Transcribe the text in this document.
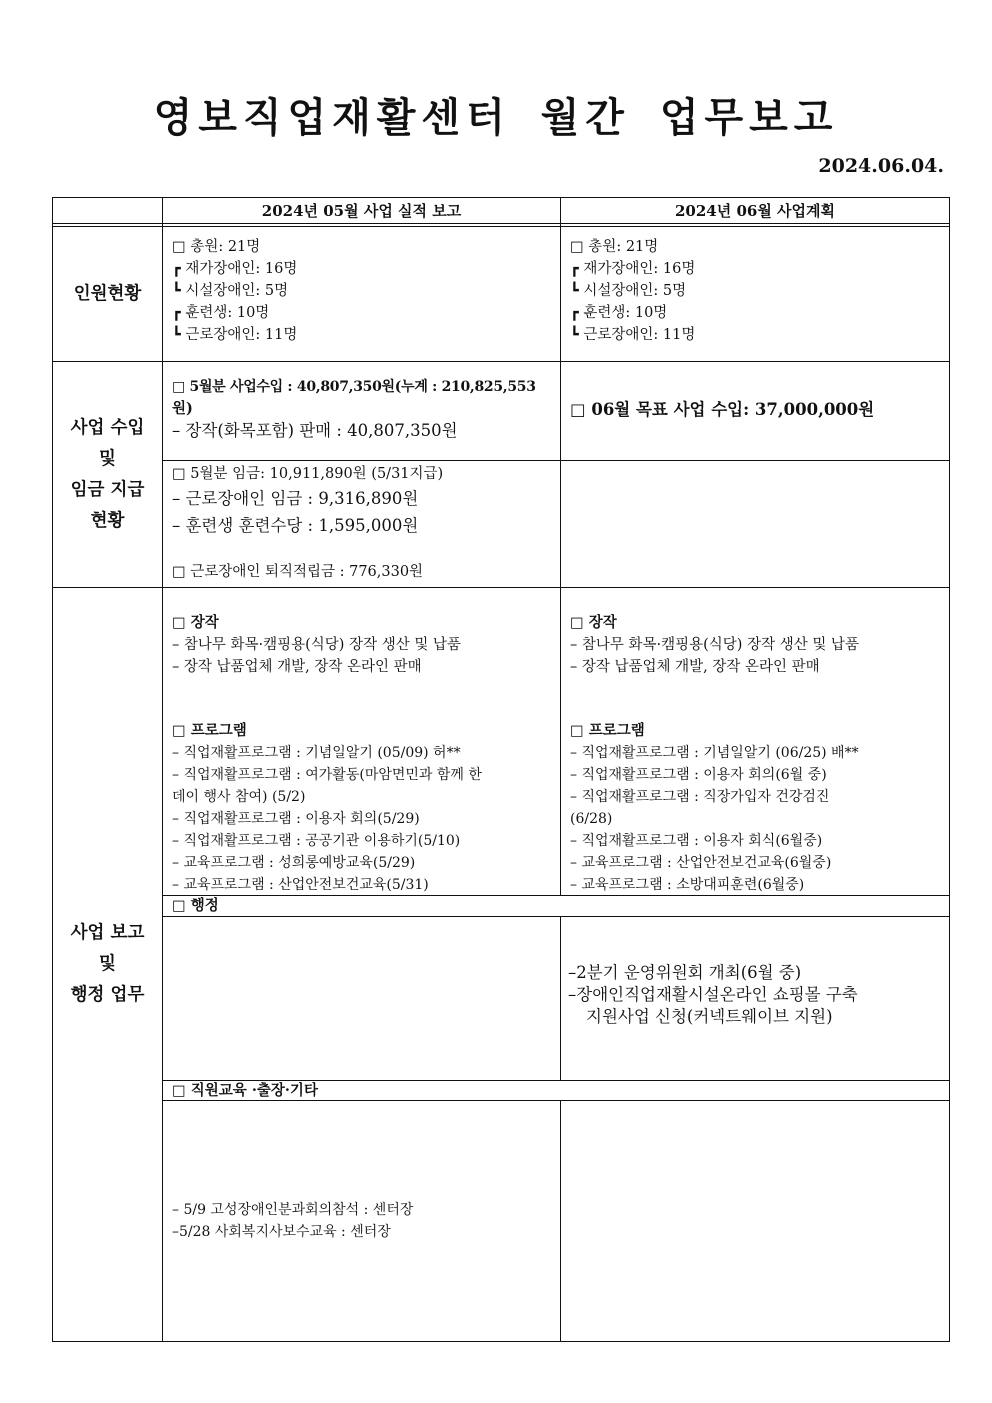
영보직업재활센터 월간 업무보고
2024.06.04.
2024년 05월 사업 실적 보고	2024년 06월 사업계획
인원현황
사업 수입
및
임금 지급
현황
사업 보고
및
행정 업무
□ 총원: 21명
┏ 재가장애인: 16명
┗ 시설장애인: 5명
┏ 훈련생: 10명
┗ 근로장애인: 11명
□ 총원: 21명
┏ 재가장애인: 16명
┗ 시설장애인: 5명
┏ 훈련생: 10명
┗ 근로장애인: 11명
□ 5월분 사업수입 : 40,807,350원(누계 : 210,825,553
원)
– 장작(화목포함) 판매 : 40,807,350원
□ 06월 목표 사업 수입: 37,000,000원
□ 5월분 임금: 10,911,890원 (5/31지급)
– 근로장애인 임금 : 9,316,890원
– 훈련생 훈련수당 : 1,595,000원
□ 근로장애인 퇴직적립금 : 776,330원
□ 장작
– 참나무 화목·캠핑용(식당) 장작 생산 및 납품
– 장작 납품업체 개발, 장작 온라인 판매
□ 프로그램
– 직업재활프로그램 : 기념일알기 (05/09) 허**
– 직업재활프로그램 : 여가활동(마암면민과 함께 한
데이 행사 참여) (5/2)
– 직업재활프로그램 : 이용자 회의(5/29)
– 직업재활프로그램 : 공공기관 이용하기(5/10)
– 교육프로그램 : 성희롱예방교육(5/29)
– 교육프로그램 : 산업안전보건교육(5/31)
□ 장작
– 참나무 화목·캠핑용(식당) 장작 생산 및 납품
– 장작 납품업체 개발, 장작 온라인 판매
□ 프로그램
– 직업재활프로그램 : 기념일알기 (06/25) 배**
– 직업재활프로그램 : 이용자 회의(6월 중)
– 직업재활프로그램 : 직장가입자 건강검진
(6/28)
– 직업재활프로그램 : 이용자 회식(6월중)
– 교육프로그램 : 산업안전보건교육(6월중)
– 교육프로그램 : 소방대피훈련(6월중)
□ 행정
–2분기 운영위원회 개최(6월 중)
–장애인직업재활시설온라인 쇼핑몰 구축
지원사업 신청(커넥트웨이브 지원)
□ 직원교육 ·출장·기타
– 5/9 고성장애인분과회의참석 : 센터장
–5/28 사회복지사보수교육 : 센터장
